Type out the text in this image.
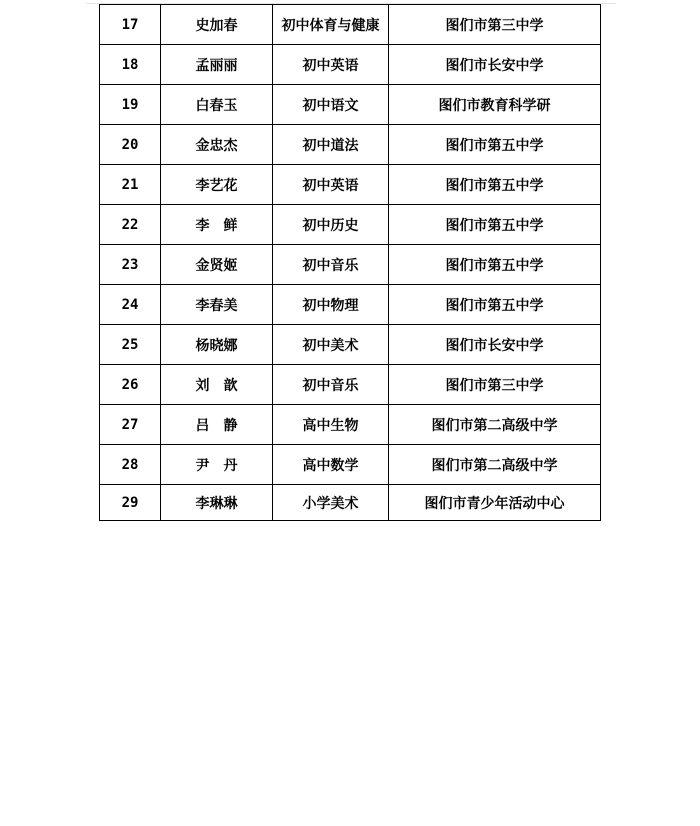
17	史加春	初中体育与健康	图们市第三中学
18	孟丽丽	初中英语	图们市长安中学
19	白春玉	初中语文	图们市教育科学研
20	金忠杰	初中道法	图们市第五中学
21	李艺花	初中英语	图们市第五中学
22	李　鲜	初中历史	图们市第五中学
23	金贤姬	初中音乐	图们市第五中学
24	李春美	初中物理	图们市第五中学
25	杨晓娜	初中美术	图们市长安中学
26	刘　歆	初中音乐	图们市第三中学
27	吕　静	高中生物	图们市第二高级中学
28	尹　丹	高中数学	图们市第二高级中学
29	李琳琳	小学美术	图们市青少年活动中心
